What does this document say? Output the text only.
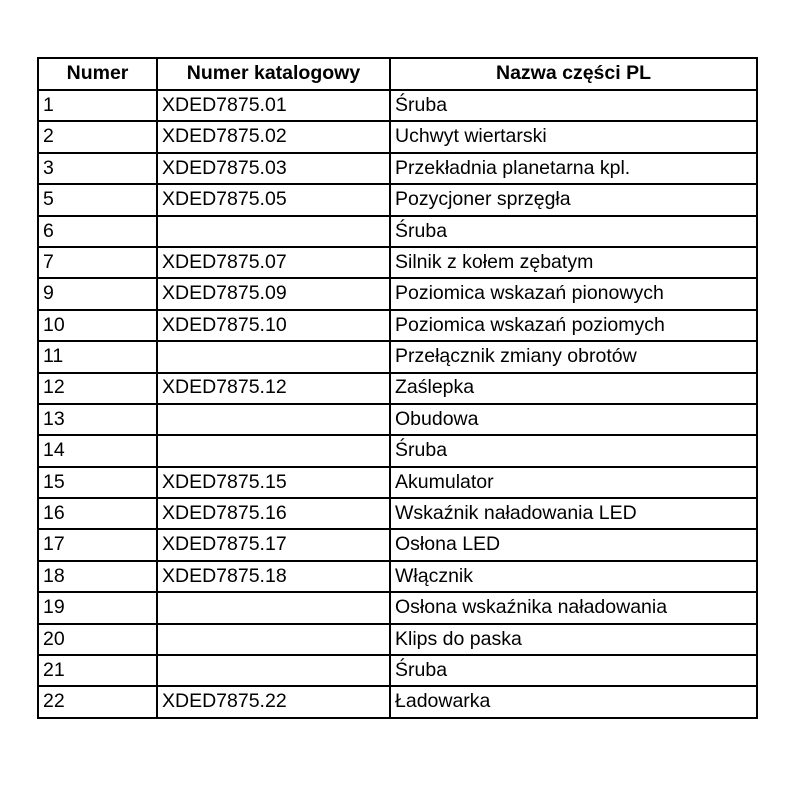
Numer	Numer katalogowy	Nazwa części PL
1	XDED7875.01	Śruba
2	XDED7875.02	Uchwyt wiertarski
3	XDED7875.03	Przekładnia planetarna kpl.
5	XDED7875.05	Pozycjoner sprzęgła
6		Śruba
7	XDED7875.07	Silnik z kołem zębatym
9	XDED7875.09	Poziomica wskazań pionowych
10	XDED7875.10	Poziomica wskazań poziomych
11		Przełącznik zmiany obrotów
12	XDED7875.12	Zaślepka
13		Obudowa
14		Śruba
15	XDED7875.15	Akumulator
16	XDED7875.16	Wskaźnik naładowania LED
17	XDED7875.17	Osłona LED
18	XDED7875.18	Włącznik
19		Osłona wskaźnika naładowania
20		Klips do paska
21		Śruba
22	XDED7875.22	Ładowarka
